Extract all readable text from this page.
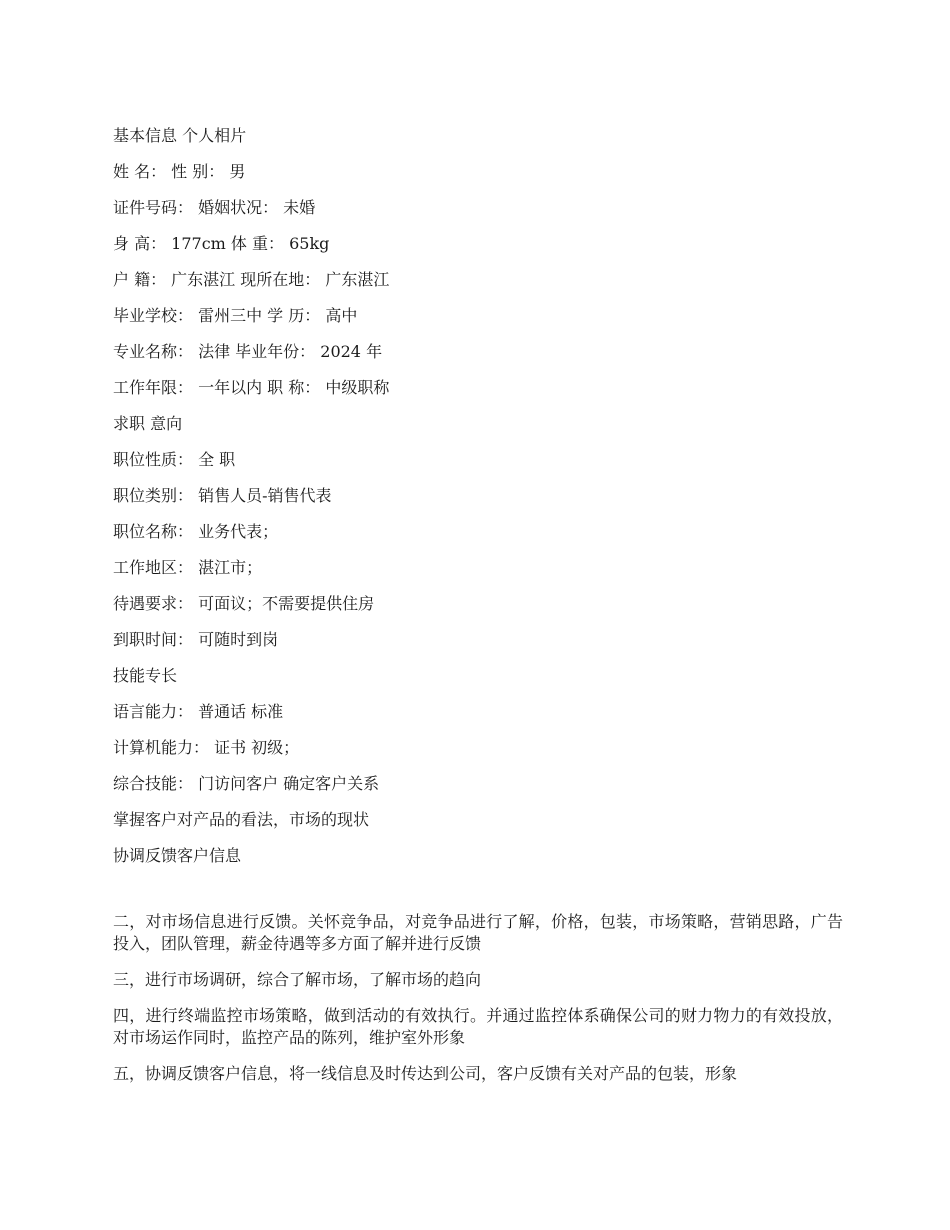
基本信息 个人相片
姓 名： 性 别： 男
证件号码： 婚姻状况： 未婚
身 高： 177cm 体 重： 65kg
户 籍： 广东湛江 现所在地： 广东湛江
毕业学校： 雷州三中 学 历： 高中
专业名称： 法律 毕业年份： 2024 年
工作年限： 一年以内 职 称： 中级职称
求职 意向
职位性质： 全 职
职位类别： 销售人员-销售代表
职位名称： 业务代表；
工作地区： 湛江市；
待遇要求： 可面议；不需要提供住房
到职时间： 可随时到岗
技能专长
语言能力： 普通话 标准
计算机能力： 证书 初级；
综合技能： 门访问客户 确定客户关系
掌握客户对产品的看法，市场的现状
协调反馈客户信息

二，对市场信息进行反馈。关怀竞争品，对竞争品进行了解，价格，包装，市场策略，营销思路，广告投入，团队管理，薪金待遇等多方面了解并进行反馈

三，进行市场调研，综合了解市场，了解市场的趋向

四，进行终端监控市场策略，做到活动的有效执行。并通过监控体系确保公司的财力物力的有效投放，对市场运作同时，监控产品的陈列，维护室外形象

五，协调反馈客户信息，将一线信息及时传达到公司，客户反馈有关对产品的包装，形象
